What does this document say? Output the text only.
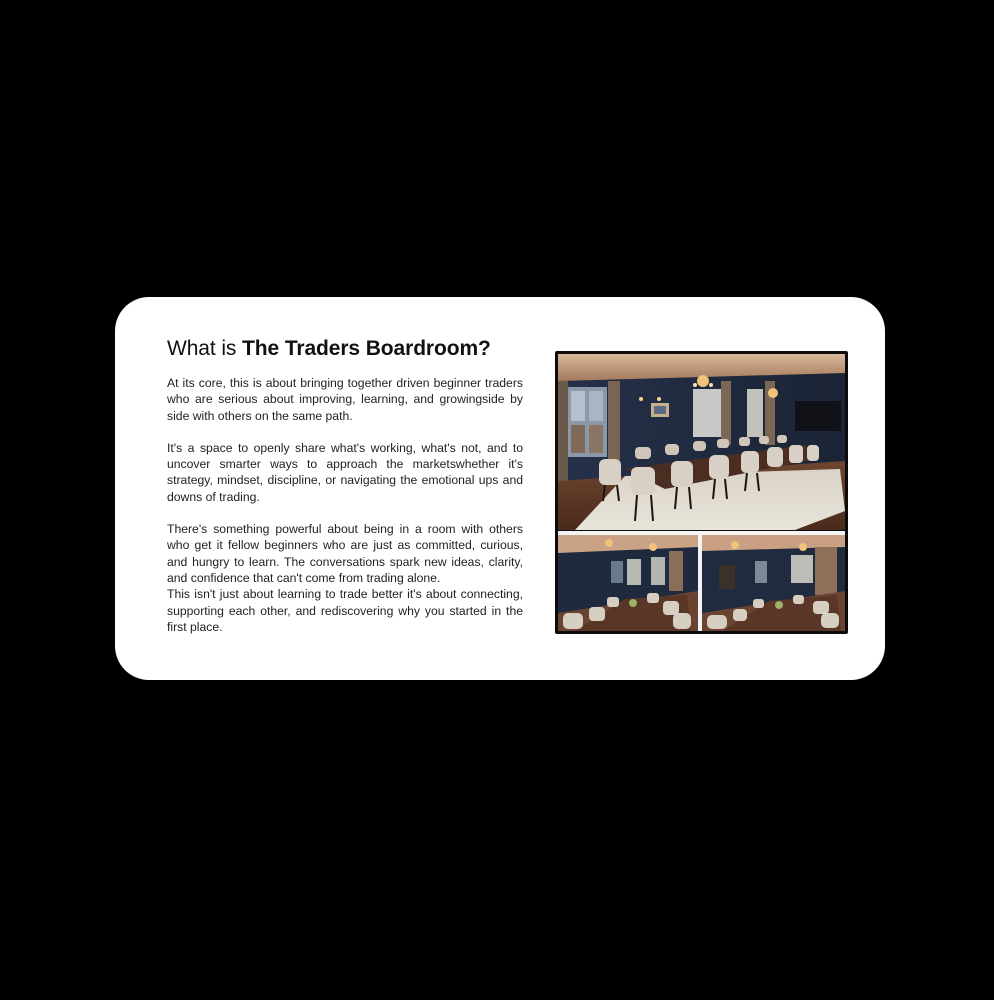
What is The Traders Boardroom?

At its core, this is about bringing together driven beginner traders who are serious about improving, learning, and growingside by side with others on the same path.

It's a space to openly share what's working, what's not, and to uncover smarter ways to approach the marketswhether it's strategy, mindset, discipline, or navigating the emotional ups and downs of trading.

There's something powerful about being in a room with others who get it fellow beginners who are just as committed, curious, and hungry to learn. The conversations spark new ideas, clarity, and confidence that can't come from trading alone.

This isn't just about learning to trade better it's about connecting, supporting each other, and rediscovering why you started in the first place.
